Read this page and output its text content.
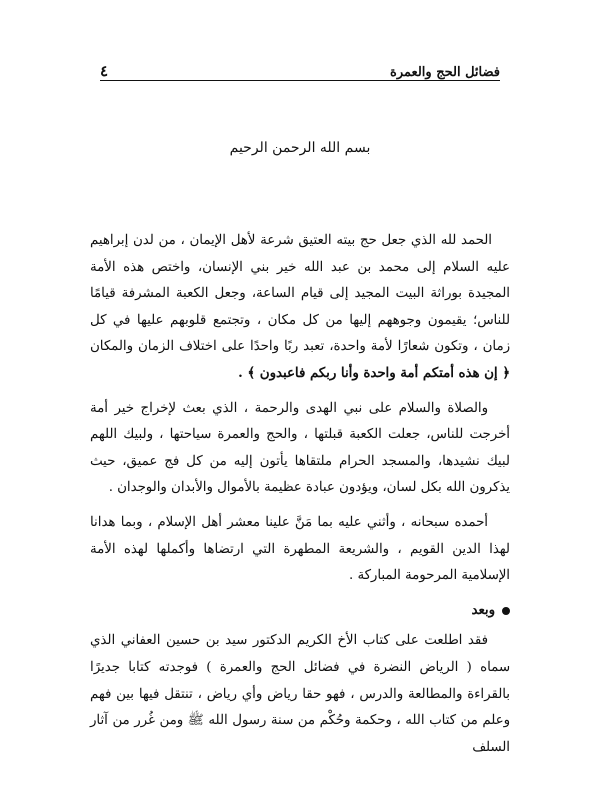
فضائل الحج والعمرة
٤
بسم الله الرحمن الرحيم

الحمد لله الذي جعل حج بيته العتيق شرعة لأهل الإيمان ، من لدن إبراهيم عليه السلام إلى محمد بن عبد الله خير بني الإنسان، واختص هذه الأمة المجيدة بوراثة البيت المجيد إلى قيام الساعة، وجعل الكعبة المشرفة قيامًا للناس؛ يقيمون وجوههم إليها من كل مكان ، وتجتمع قلوبهم عليها في كل زمان ، وتكون شعارًا لأمة واحدة، تعبد ربًا واحدًا على اختلاف الزمان والمكان ﴿ إن هذه أمتكم أمة واحدة وأنا ربكم فاعبدون ﴾ .

والصلاة والسلام على نبي الهدى والرحمة ، الذي بعث لإخراج خير أمة أخرجت للناس، جعلت الكعبة قبلتها ، والحج والعمرة سياحتها ، ولبيك اللهم لبيك نشيدها، والمسجد الحرام ملتقاها يأتون إليه من كل فج عميق، حيث يذكرون الله بكل لسان، ويؤدون عبادة عظيمة بالأموال والأبدان والوجدان .

أحمده سبحانه ، وأثني عليه بما مَنَّ علينا معشر أهل الإسلام ، وبما هدانا لهذا الدين القويم ، والشريعة المطهرة التي ارتضاها وأكملها لهذه الأمة الإسلامية المرحومة المباركة .

وبعد

فقد اطلعت على كتاب الأخ الكريم الدكتور سيد بن حسين العفاني الذي سماه ( الرياض النضرة في فضائل الحج والعمرة ) فوجدته كتابا جديرًا بالقراءة والمطالعة والدرس ، فهو حقا رياض وأي رياض ، تنتقل فيها بين فهم وعلم من كتاب الله ، وحكمة وحُكْم من سنة رسول الله ﷺ ومن غُرر من آثار السلف
